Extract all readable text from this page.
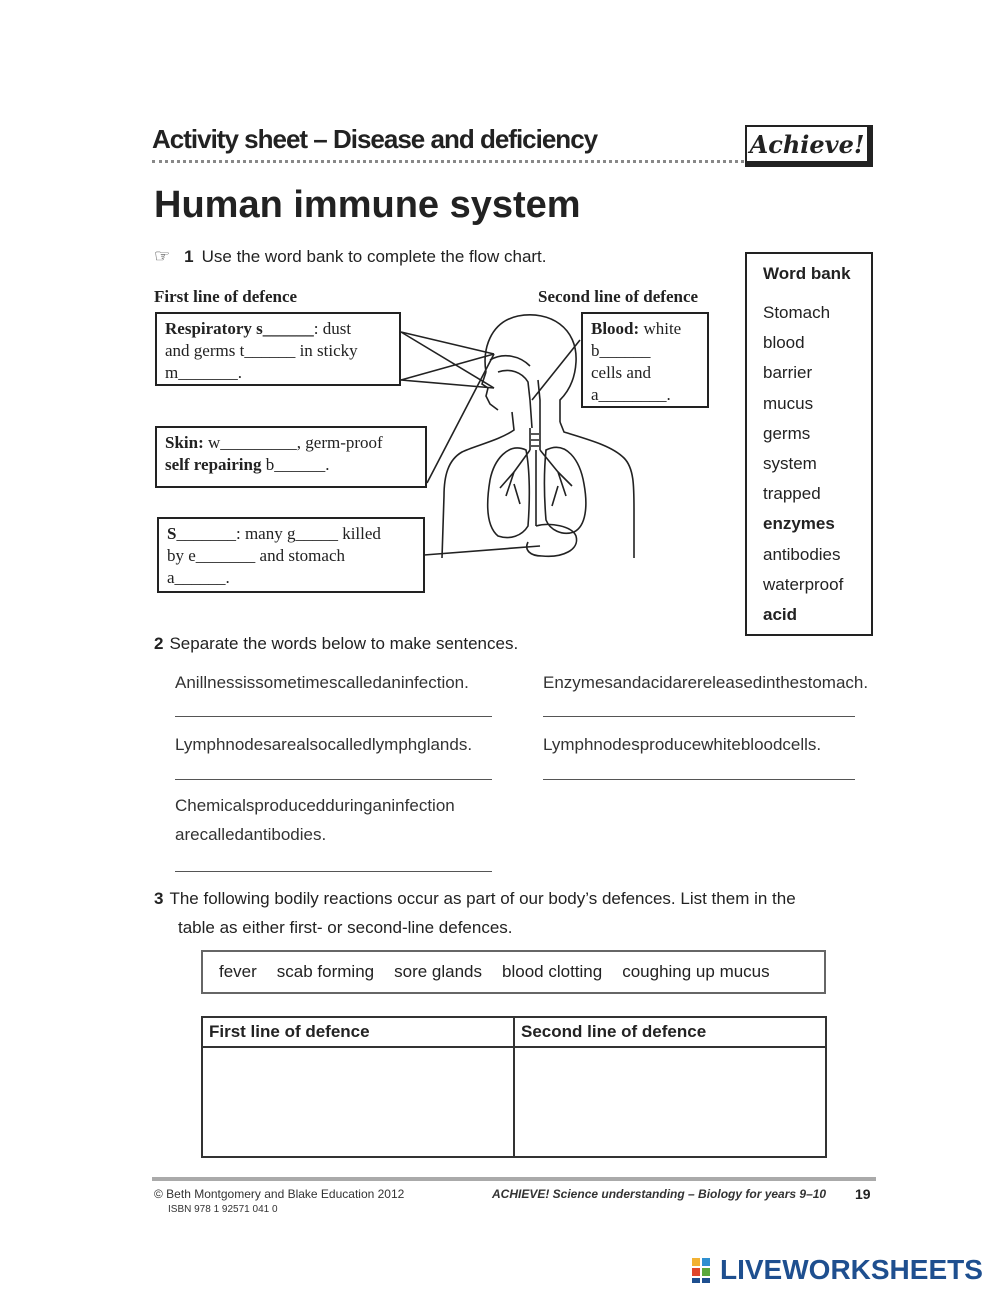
Activity sheet – Disease and deficiency	Achieve!
Human immune system
☞ 1 Use the word bank to complete the flow chart.
First line of defence	Second line of defence
Respiratory s______: dust
and germs t______ in sticky
m_______.
Skin: w_________, germ-proof
self repairing b______.
S_______: many g_____ killed
by e_______ and stomach
a______.
Blood: white
b______
cells and
a________.
Word bank
Stomach
blood
barrier
mucus
germs
system
trapped
enzymes
antibodies
waterproof
acid
2 Separate the words below to make sentences.
Anillnessissometimescalledaninfection.	Enzymesandacidarereleasedinthestomach.
Lymphnodesarealsocalledlymphglands.	Lymphnodesproducewhitebloodcells.
Chemicalsproducedduringaninfection
arecalledantibodies.
3 The following bodily reactions occur as part of our body’s defences. List them in the
table as either first- or second-line defences.
fever scab forming sore glands blood clotting coughing up mucus
First line of defence	Second line of defence

© Beth Montgomery and Blake Education 2012
ISBN 978 1 92571 041 0
ACHIEVE! Science understanding – Biology for years 9–10 19
LIVEWORKSHEETS
